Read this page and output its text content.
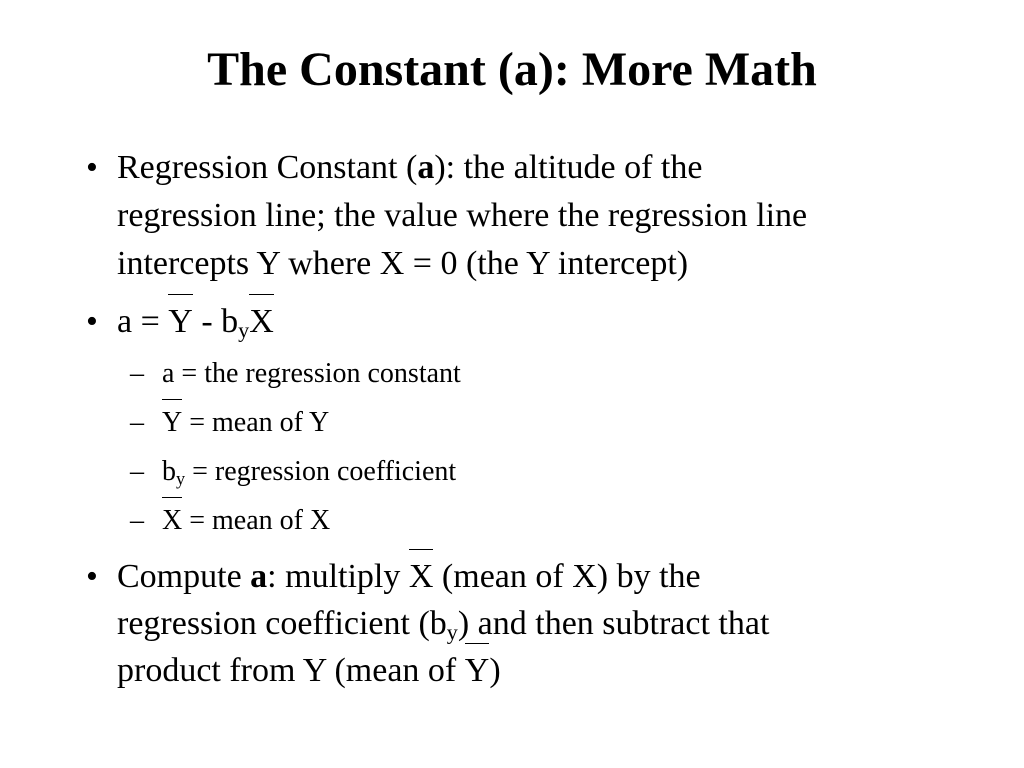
The Constant (a): More Math
• Regression Constant (a): the altitude of the
regression line; the value where the regression line
intercepts Y where X = 0 (the Y intercept)
• $a = Y - b_yX$
– a = the regression constant
– Y = mean of Y
– $b_y$ = regression coefficient
– X = mean of X
• Compute a: multiply X (mean of X) by the
regression coefficient $(b_y)$ and then subtract that
product from Y (mean of Y)
